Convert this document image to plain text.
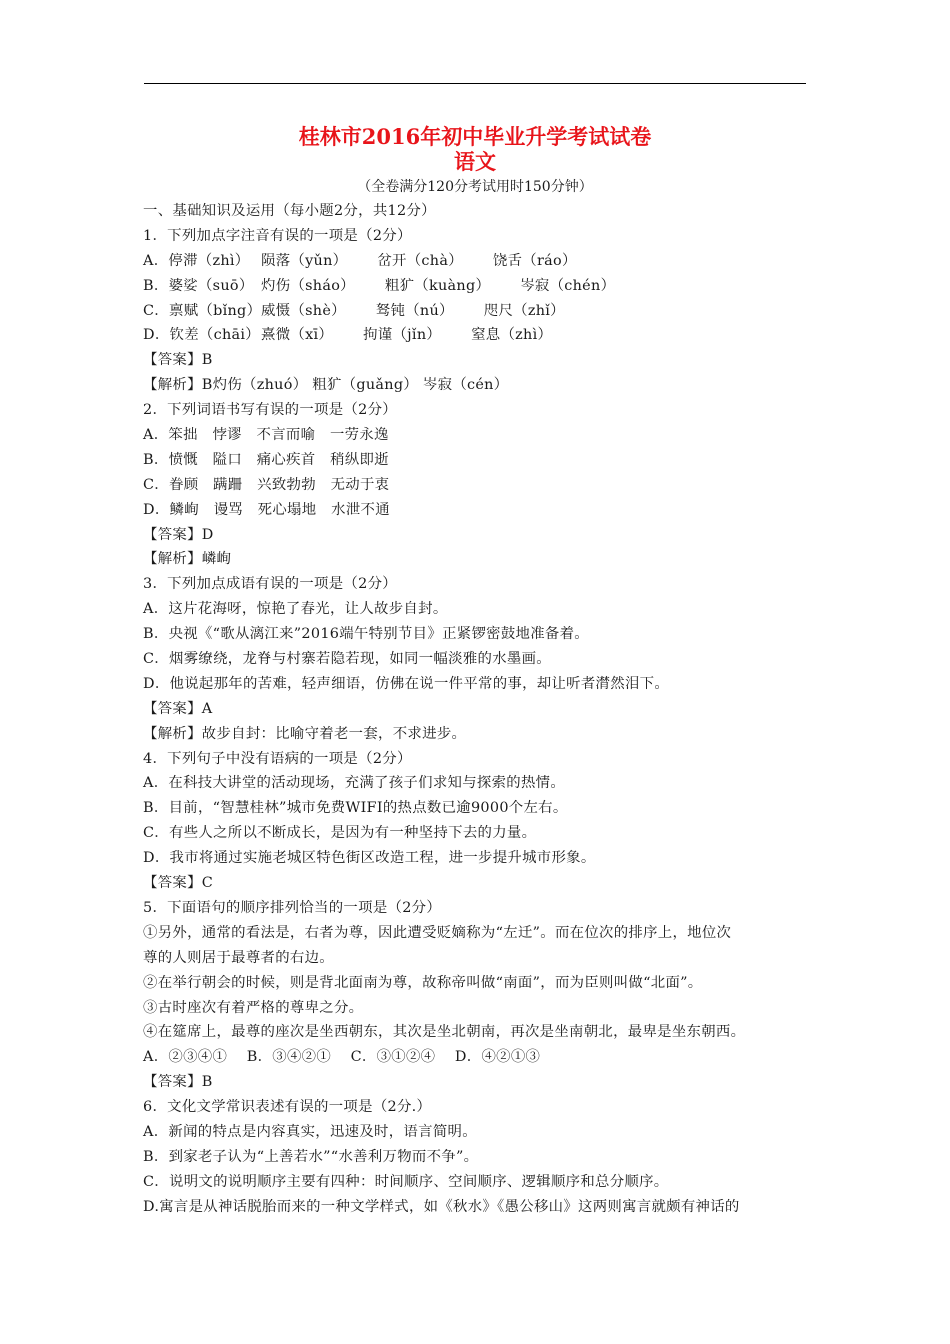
桂林市2016年初中毕业升学考试试卷
语文
（全卷满分120分考试用时150分钟）
一、基础知识及运用（每小题2分，共12分）
1．下列加点字注音有误的一项是（2分）
A．停滞（zhì） 陨落（yǔn） 岔开（chà） 饶舌（ráo）
B．婆娑（suō） 灼伤（sháo） 粗犷（kuàng） 岑寂（chén）
C．禀赋（bǐng）威慑（shè） 驽钝（nú） 咫尺（zhǐ）
D．钦差（chāi）熹微（xī） 拘谨（jǐn） 窒息（zhì）
【答案】B
【解析】B灼伤（zhuó） 粗犷（guǎng） 岑寂（cén）
2．下列词语书写有误的一项是（2分）
A．笨拙　悖谬　不言而喻　一劳永逸
B．愤慨　隘口　痛心疾首　稍纵即逝
C．眷顾　蹒跚　兴致勃勃　无动于衷
D．鳞峋　谩骂　死心塌地　水泄不通
【答案】D
【解析】嶙峋
3．下列加点成语有误的一项是（2分）
A．这片花海呀，惊艳了春光，让人故步自封。
B．央视《“歌从漓江来”2016端午特别节目》正紧锣密鼓地准备着。
C．烟雾缭绕，龙脊与村寨若隐若现，如同一幅淡雅的水墨画。
D．他说起那年的苦难，轻声细语，仿佛在说一件平常的事，却让听者潸然泪下。
【答案】A
【解析】故步自封：比喻守着老一套，不求进步。
4．下列句子中没有语病的一项是（2分）
A．在科技大讲堂的活动现场，充满了孩子们求知与探索的热情。
B．目前，“智慧桂林”城市免费WIFI的热点数已逾9000个左右。
C．有些人之所以不断成长，是因为有一种坚持下去的力量。
D．我市将通过实施老城区特色街区改造工程，进一步提升城市形象。
【答案】C
5．下面语句的顺序排列恰当的一项是（2分）
①另外，通常的看法是，右者为尊，因此遭受贬嫡称为“左迁”。而在位次的排序上，地位次
尊的人则居于最尊者的右边。
②在举行朝会的时候，则是背北面南为尊，故称帝叫做“南面”，而为臣则叫做“北面”。
③古时座次有着严格的尊卑之分。
④在筵席上，最尊的座次是坐西朝东，其次是坐北朝南，再次是坐南朝北，最卑是坐东朝西。
A．②③④①　 B．③④②①　 C．③①②④　 D．④②①③
【答案】B
6．文化文学常识表述有误的一项是（2分.）
A．新闻的特点是内容真实，迅速及时，语言简明。
B．到家老子认为“上善若水”“水善利万物而不争”。
C．说明文的说明顺序主要有四种：时间顺序、空间顺序、逻辑顺序和总分顺序。
D.寓言是从神话脱胎而来的一种文学样式，如《秋水》《愚公移山》这两则寓言就颇有神话的
